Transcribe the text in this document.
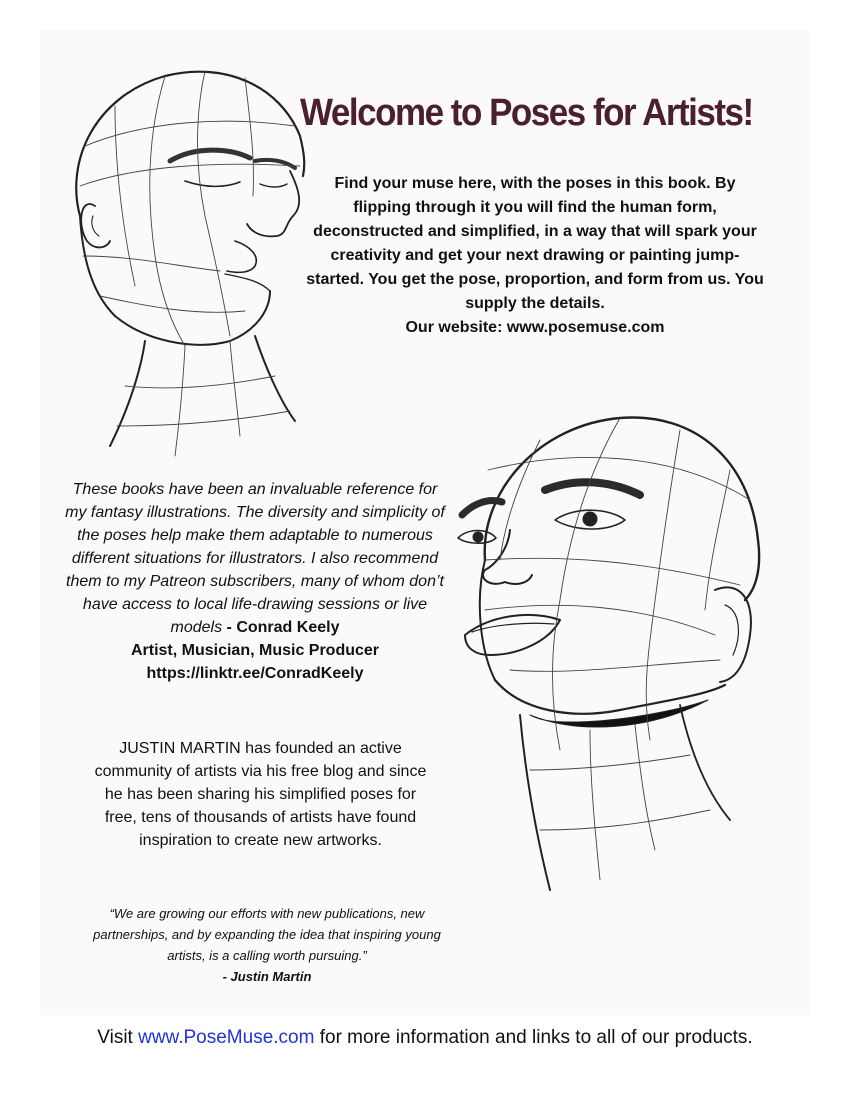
Welcome to Poses for Artists!

Find your muse here, with the poses in this book. By flipping through it you will find the human form, deconstructed and simplified, in a way that will spark your creativity and get your next drawing or painting jump-started. You get the pose, proportion, and form from us. You supply the details.

Our website: www.posemuse.com

These books have been an invaluable reference for my fantasy illustrations. The diversity and simplicity of the poses help make them adaptable to numerous different situations for illustrators. I also recommend them to my Patreon subscribers, many of whom don’t have access to local life-drawing sessions or live models - Conrad Keely
Artist, Musician, Music Producer
https://linktr.ee/ConradKeely
JUSTIN MARTIN has founded an active community of artists via his free blog and since he has been sharing his simplified poses for free, tens of thousands of artists have found inspiration to create new artworks.
“We are growing our efforts with new publications, new partnerships, and by expanding the idea that inspiring young artists, is a calling worth pursuing.”
- Justin Martin
Visit www.PoseMuse.com for more information and links to all of our products.
